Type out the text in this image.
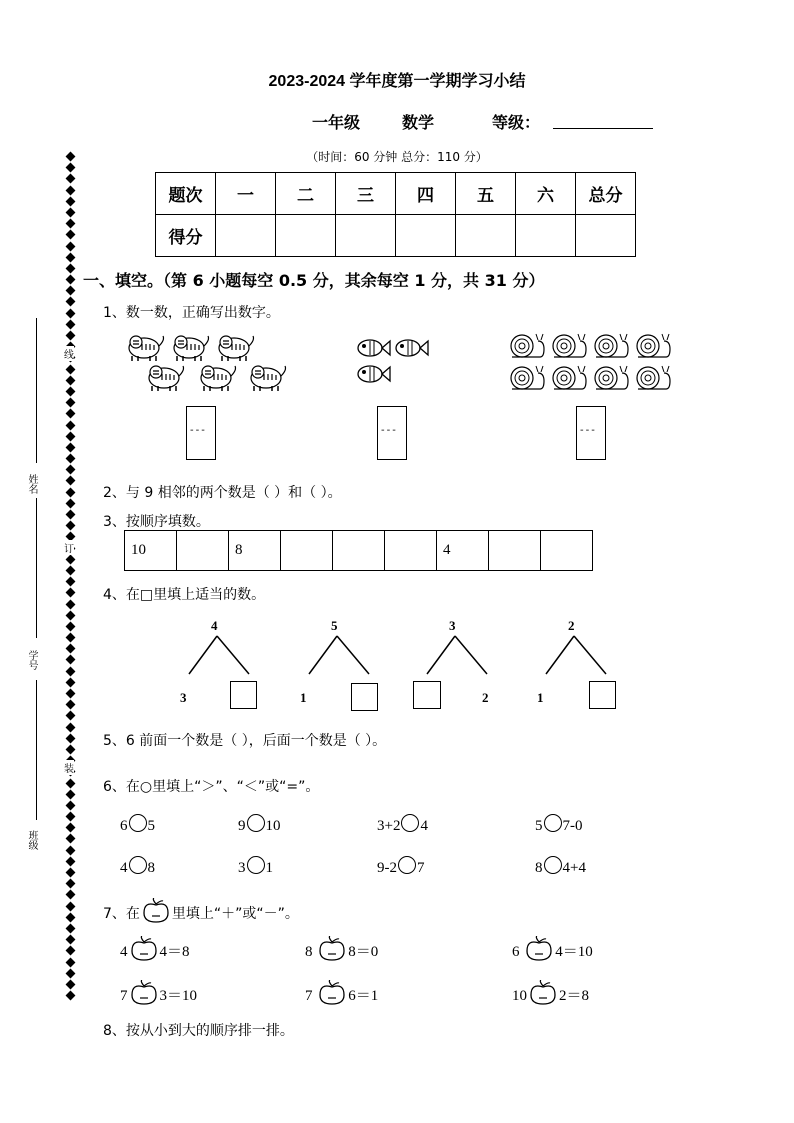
2023-2024 学年度第一学期学习小结
一年级	数学	等级：
（时间：60 分钟 总分：110 分）
题次	一	二	三	四	五	六	总分
得分							
线
订
装
姓名
学号
班级
一、填空。（第 6 小题每空 0.5 分，其余每空 1 分，共 31 分）
1、数一数，正确写出数字。
---	---	---
2、与 9 相邻的两个数是（ ）和（ ）。
3、按顺序填数。
10		8				4		
4、在□里填上适当的数。
4
3
5
1
3
2
2
1
5、6 前面一个数是（ ），后面一个数是（ ）。
6、在○里填上“＞”、“＜”或“=”。
6 5	9 10	3+2 4	5 7-0
4 8	3 1	9-2 7	8 4+4
7、在 里填上“＋”或“－”。
4 4＝8	8 8＝0	6 4＝10
7 3＝10	7 6＝1	10 2＝8
8、按从小到大的顺序排一排。
